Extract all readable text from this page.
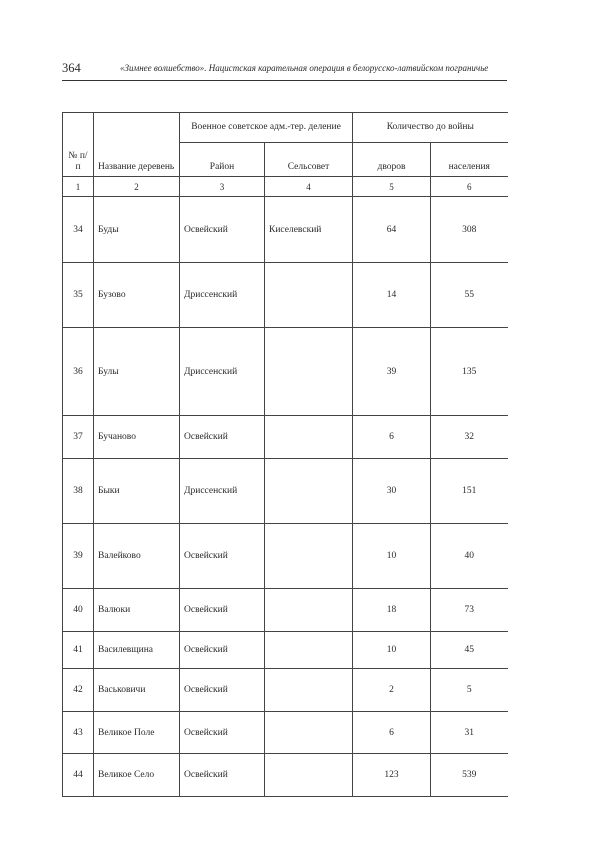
364	«Зимнее волшебство». Нацистская карательная операция в белорусско-латвийском пограничье
№ п/п	Название деревень	Военное советское адм.-тер. деление		Количество до войны	
		Район	Сельсовет	дворов	населения
1	2	3	4	5	6
34	Буды	Освейский	Киселевский	64	308
35	Бузово	Дриссенский		14	55
36	Булы	Дриссенский		39	135
37	Бучаново	Освейский		6	32
38	Быки	Дриссенский		30	151
39	Валейково	Освейский		10	40
40	Валюки	Освейский		18	73
41	Василевщина	Освейский		10	45
42	Васьковичи	Освейский		2	5
43	Великое Поле	Освейский		6	31
44	Великое Село	Освейский		123	539
